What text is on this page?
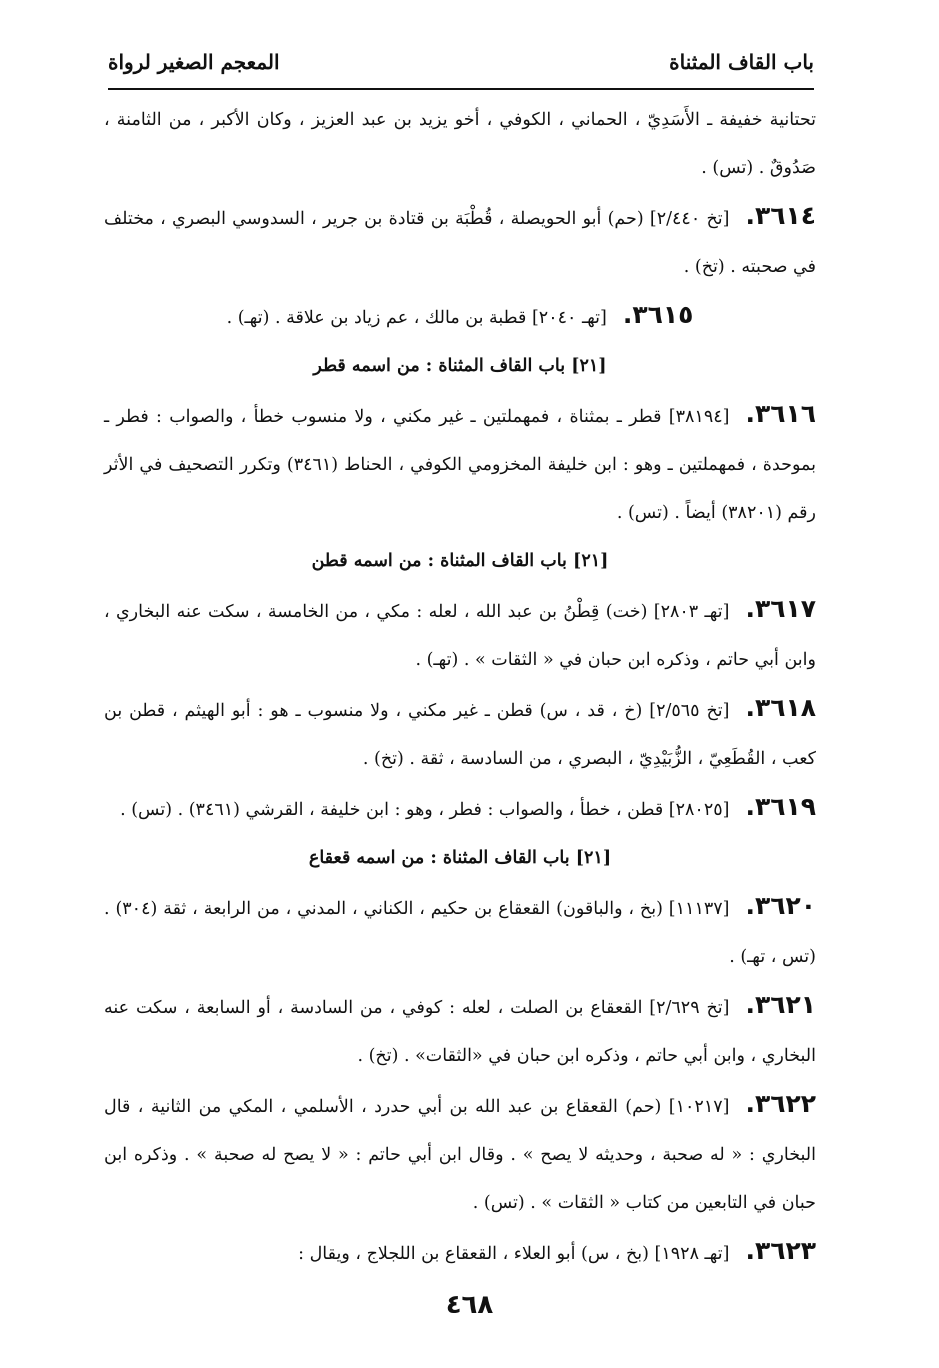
باب القاف المثناة
المعجم الصغير لرواة

تحتانية خفيفة ـ الأَسَدِيّ ، الحماني ، الكوفي ، أخو يزيد بن عبد العزيز ، وكان الأكبر ، من الثامنة ، صَدُوقٌ . (تس) .

٣٦١٤.[تخ ٢/٤٤٠] (حم) أبو الحويصلة ، قُطْبَة بن قتادة بن جرير ، السدوسي البصري ، مختلف في صحبته . (تخ) .

٣٦١٥.[تهـ ٢٠٤٠] قطبة بن مالك ، عم زياد بن علاقة . (تهـ) .

[٢١] باب القاف المثناة : من اسمه قطر

٣٦١٦.[٣٨١٩٤] قطر ـ بمثناة ، فمهملتين ـ غير مكني ، ولا منسوب خطأ ، والصواب : فطر ـ بموحدة ، فمهملتين ـ وهو : ابن خليفة المخزومي الكوفي ، الحناط (٣٤٦١) وتكرر التصحيف في الأثر رقم (٣٨٢٠١) أيضاً . (تس) .

[٢١] باب القاف المثناة : من اسمه قطن

٣٦١٧.[تهـ ٢٨٠٣] (خت) قِطْنُ بن عبد الله ، لعله : مكي ، من الخامسة ، سكت عنه البخاري ، وابن أبي حاتم ، وذكره ابن حبان في « الثقات » . (تهـ) .

٣٦١٨.[تخ ٢/٥٦٥] (خ ، قد ، س) قطن ـ غير مكني ، ولا منسوب ـ هو : أبو الهيثم ، قطن بن كعب ، القُطَعِيّ ، الزُّبَيْدِيّ ، البصري ، من السادسة ، ثقة . (تخ) .

٣٦١٩.[٢٨٠٢٥] قطن ، خطأ ، والصواب : فطر ، وهو : ابن خليفة ، القرشي (٣٤٦١) . (تس) .

[٢١] باب القاف المثناة : من اسمه قعقاع

٣٦٢٠.[١١١٣٧] (بخ ، والباقون) القعقاع بن حكيم ، الكناني ، المدني ، من الرابعة ، ثقة (٣٠٤) . (تس ، تهـ) .

٣٦٢١.[تخ ٢/٦٢٩] القعقاع بن الصلت ، لعله : كوفي ، من السادسة ، أو السابعة ، سكت عنه البخاري ، وابن أبي حاتم ، وذكره ابن حبان في «الثقات» . (تخ) .

٣٦٢٢.[١٠٢١٧] (حم) القعقاع بن عبد الله بن أبي حدرد ، الأسلمي ، المكي من الثانية ، قال البخاري : « له صحبة ، وحديثه لا يصح » . وقال ابن أبي حاتم : « لا يصح له صحبة » . وذكره ابن حبان في التابعين من كتاب « الثقات » . (تس) .

٣٦٢٣.[تهـ ١٩٢٨] (بخ ، س) أبو العلاء ، القعقاع بن اللجلاج ، ويقال :

٤٦٨
